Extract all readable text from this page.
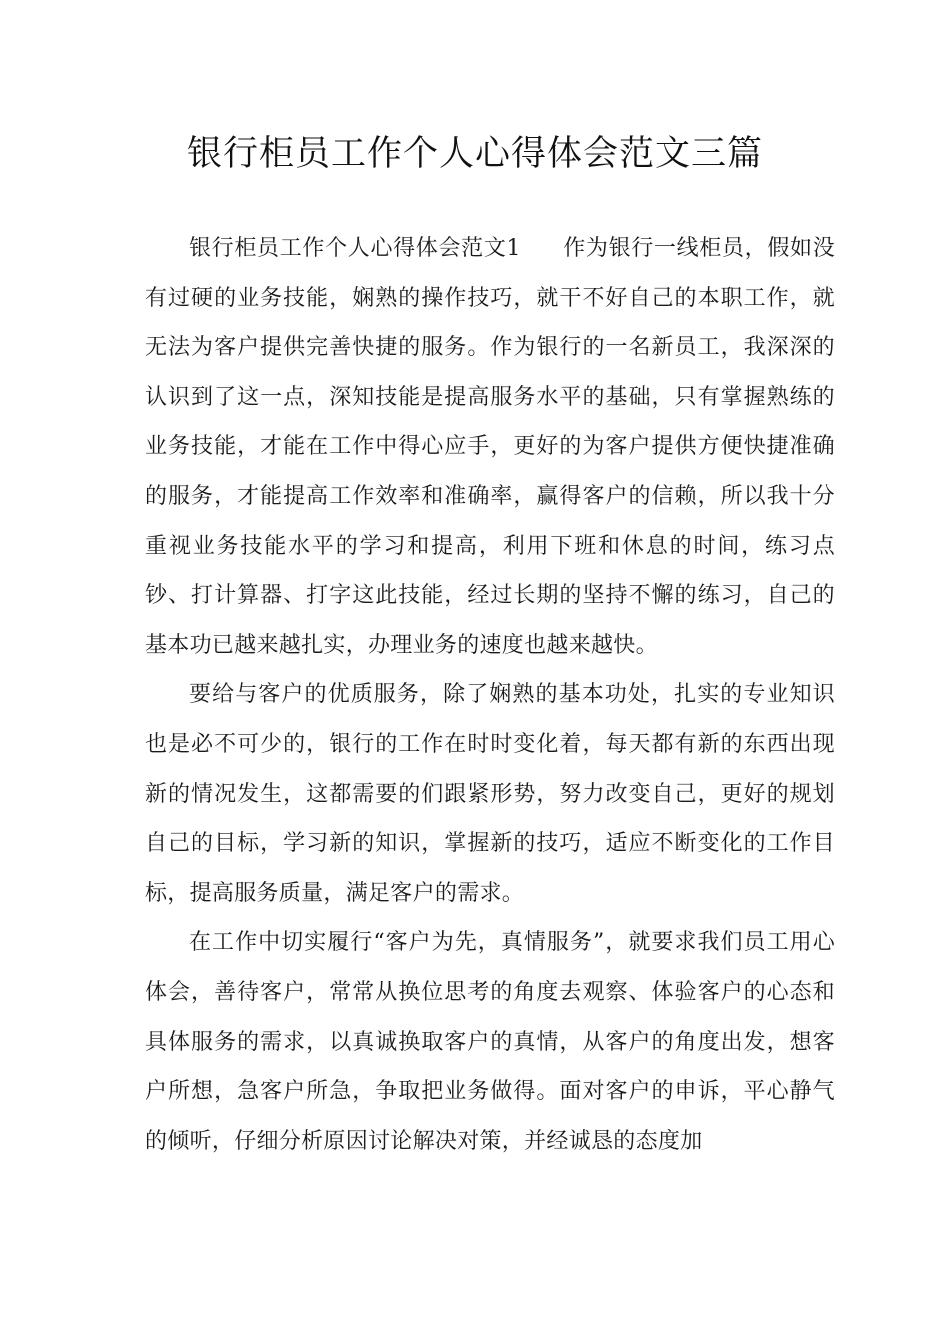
银行柜员工作个人心得体会范文三篇

银行柜员工作个人心得体会范文1 作为银行一线柜员，假如没有过硬的业务技能，娴熟的操作技巧，就干不好自己的本职工作，就无法为客户提供完善快捷的服务。作为银行的一名新员工，我深深的认识到了这一点，深知技能是提高服务水平的基础，只有掌握熟练的业务技能，才能在工作中得心应手，更好的为客户提供方便快捷准确的服务，才能提高工作效率和准确率，赢得客户的信赖，所以我十分重视业务技能水平的学习和提高，利用下班和休息的时间，练习点钞、打计算器、打字这此技能，经过长期的坚持不懈的练习，自己的基本功已越来越扎实，办理业务的速度也越来越快。

要给与客户的优质服务，除了娴熟的基本功处，扎实的专业知识也是必不可少的，银行的工作在时时变化着，每天都有新的东西出现新的情况发生，这都需要的们跟紧形势，努力改变自己，更好的规划自己的目标，学习新的知识，掌握新的技巧，适应不断变化的工作目标，提高服务质量，满足客户的需求。

在工作中切实履行“客户为先，真情服务”，就要求我们员工用心体会，善待客户，常常从换位思考的角度去观察、体验客户的心态和具体服务的需求，以真诚换取客户的真情，从客户的角度出发，想客户所想，急客户所急，争取把业务做得。面对客户的申诉，平心静气的倾听，仔细分析原因讨论解决对策，并经诚恳的态度加
